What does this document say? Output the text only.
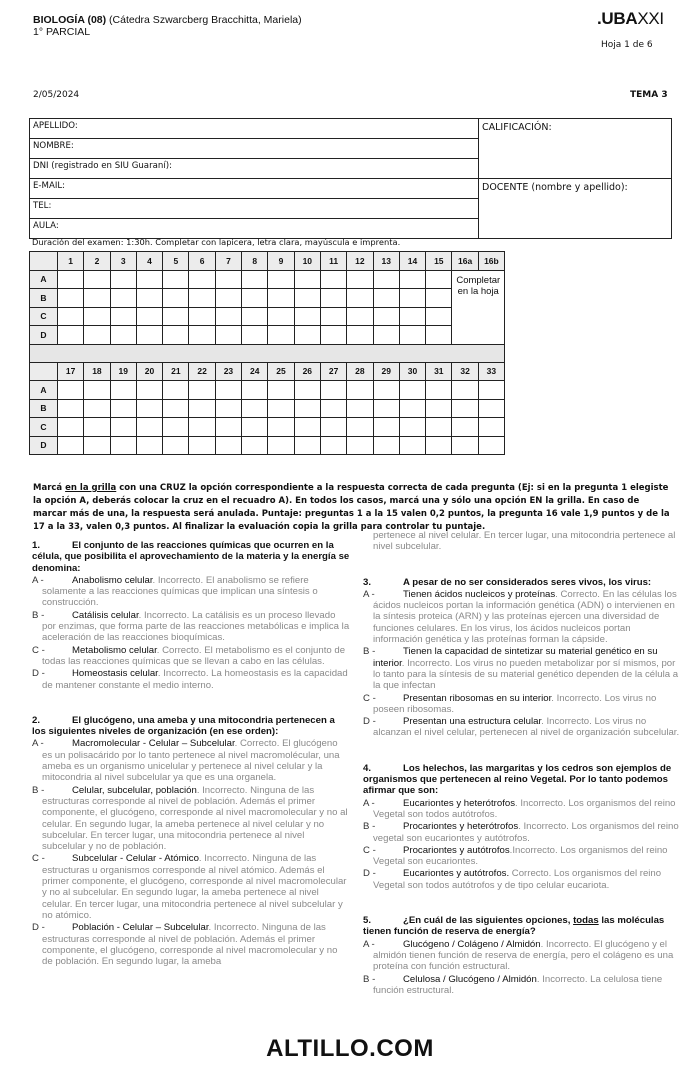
BIOLOGÍA (08) (Cátedra Szwarcberg Bracchitta, Mariela)
1° PARCIAL
.UBAXXI
Hoja 1 de 6
2/05/2024	TEMA 3
APELLIDO:	CALIFICACIÓN:
NOMBRE:	
DNI (registrado en SIU Guaraní):	
E-MAIL:	DOCENTE (nombre y apellido):
TEL:	
AULA:	
Duración del examen: 1:30h. Completar con lapicera, letra clara, mayúscula e imprenta.
	1	2	3	4	5	6	7	8	9	10	11	12	13	14	15	16a	16b
A																Completar en la hoja	
B																	
C																	
D																	

	17	18	19	20	21	22	23	24	25	26	27	28	29	30	31	32	33
A																	
B																	
C																	
D																	
Marcá en la grilla con una CRUZ la opción correspondiente a la respuesta correcta de cada pregunta (Ej: si en la pregunta 1 elegiste la opción A, deberás colocar la cruz en el recuadro A). En todos los casos, marcá una y sólo una opción EN la grilla. En caso de marcar más de una, la respuesta será anulada. Puntaje: preguntas 1 a la 15 valen 0,2 puntos, la pregunta 16 vale 1,9 puntos y de la 17 a la 33, valen 0,3 puntos. Al finalizar la evaluación copia la grilla para controlar tu puntaje.

1.	El conjunto de las reacciones químicas que ocurren en la célula, que posibilita el aprovechamiento de la materia y la energía se denomina:

A -	Anabolismo celular. Incorrecto. El anabolismo se refiere solamente a las reacciones químicas que implican una síntesis o construcción.
B -	Catálisis celular. Incorrecto. La catálisis es un proceso llevado por enzimas, que forma parte de las reacciones metabólicas e implica la aceleración de las reacciones bioquímicas.
C -	Metabolismo celular. Correcto. El metabolismo es el conjunto de todas las reacciones químicas que se llevan a cabo en las células.
D -	Homeostasis celular. Incorrecto. La homeostasis es la capacidad de mantener constante el medio interno.

2.	El glucógeno, una ameba y una mitocondria pertenecen a los siguientes niveles de organización (en ese orden):

A -	Macromolecular - Celular – Subcelular. Correcto. El glucógeno es un polisacárido por lo tanto pertenece al nivel macromolécular, una ameba es un organismo unicelular y pertenece al nivel celular y la mitocondria al nivel subcelular ya que es una organela.
B -	Celular, subcelular, población. Incorrecto. Ninguna de las estructuras corresponde al nivel de población. Además el primer componente, el glucógeno, corresponde al nivel macromolecular y no al celular. En segundo lugar, la ameba pertenece al nivel celular y no subcelular. En tercer lugar, una mitocondria pertenece al nivel subcelular y no de población.
C -	Subcelular - Celular - Atómico. Incorrecto. Ninguna de las estructuras u organismos corresponde al nivel atómico. Además el primer componente, el glucógeno, corresponde al nivel macromolecular y no al subcelular. En segundo lugar, la ameba pertenece al nivel celular. En tercer lugar, una mitocondria pertenece al nivel subcelular y no atómico.
D -	Población - Celular – Subcelular. Incorrecto. Ninguna de las estructuras corresponde al nivel de población. Además el primer componente, el glucógeno, corresponde al nivel macromolecular y no de población. En segundo lugar, la ameba
pertenece al nivel celular. En tercer lugar, una mitocondria pertenece al nivel subcelular.

3.	A pesar de no ser considerados seres vivos, los virus:

A -	Tienen ácidos nucleicos y proteínas. Correcto. En las células los ácidos nucleicos portan la información genética (ADN) o intervienen en la síntesis proteica (ARN) y las proteínas ejercen una diversidad de funciones celulares. En los virus, los ácidos nucleicos portan información genética y las proteínas forman la cápside.
B -	Tienen la capacidad de sintetizar su material genético en su interior. Incorrecto. Los virus no pueden metabolizar por sí mismos, por lo tanto para la síntesis de su material genético dependen de la célula a la que infectan
C -	Presentan ribosomas en su interior. Incorrecto. Los virus no poseen ribosomas.
D -	Presentan una estructura celular. Incorrecto. Los virus no alcanzan el nivel celular, pertenecen al nivel de organización subcelular.

4.	Los helechos, las margaritas y los cedros son ejemplos de organismos que pertenecen al reino Vegetal. Por lo tanto podemos afirmar que son:

A -	Eucariontes y heterótrofos. Incorrecto. Los organismos del reino Vegetal son todos autótrofos.
B -	Procariontes y heterótrofos. Incorrecto. Los organismos del reino vegetal son eucariontes y autótrofos.
C -	Procariontes y autótrofos.Incorrecto. Los organismos del reino Vegetal son eucariontes.
D -	Eucariontes y autótrofos. Correcto. Los organismos del reino Vegetal son todos autótrofos y de tipo celular eucariota.

5.	¿En cuál de las siguientes opciones, todas las moléculas tienen función de reserva de energía?

A -	Glucógeno / Colágeno / Almidón. Incorrecto. El glucógeno y el almidón tienen función de reserva de energía, pero el colágeno es una proteína con función estructural.
B -	Celulosa / Glucógeno / Almidón. Incorrecto. La celulosa tiene función estructural.
ALTILLO.COM
